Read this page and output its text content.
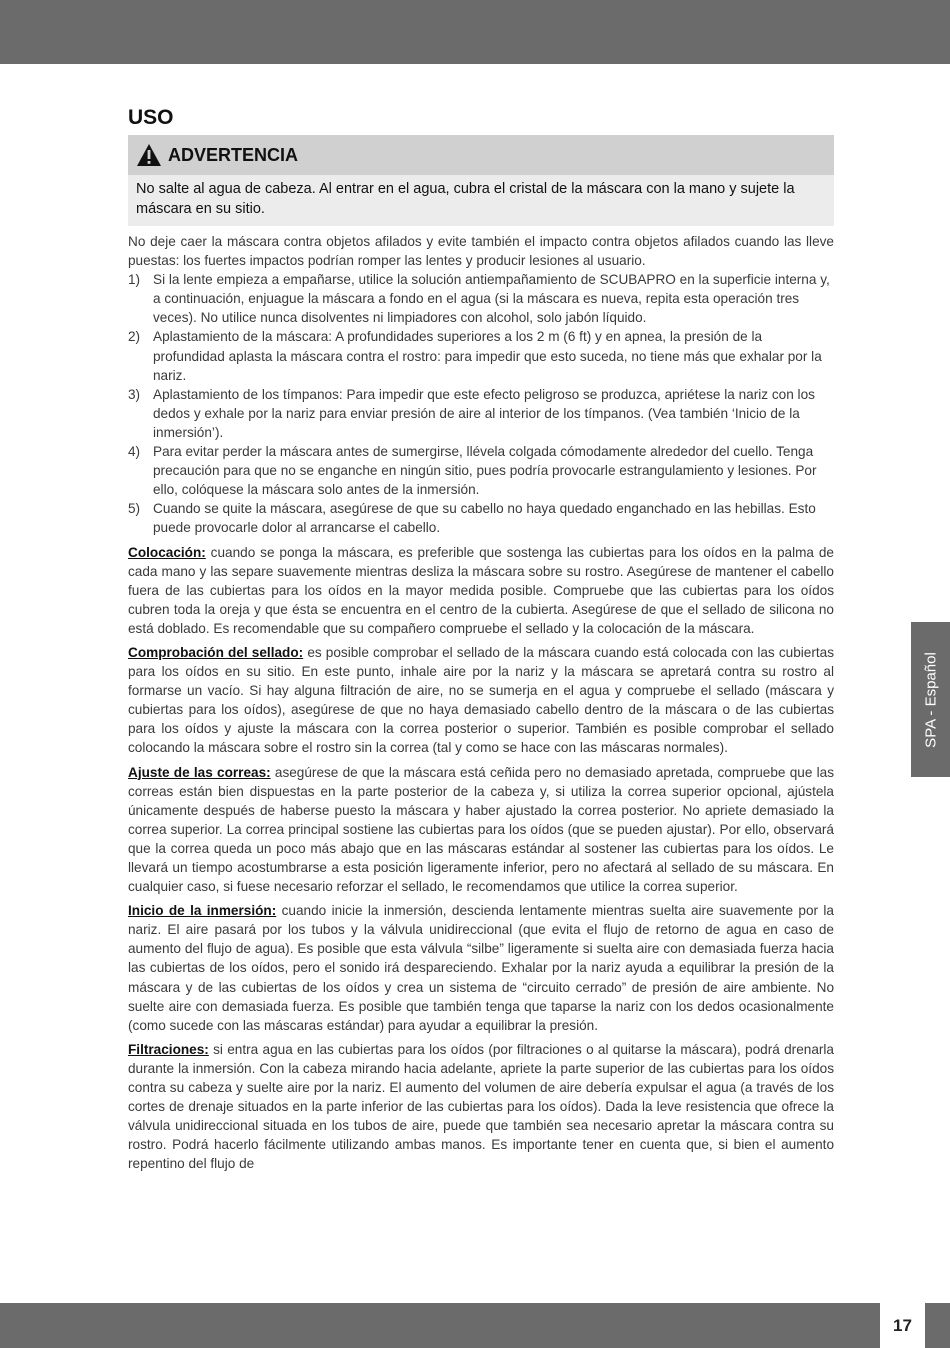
USO
ADVERTENCIA
No salte al agua de cabeza. Al entrar en el agua, cubra el cristal de la máscara con la mano y sujete la máscara en su sitio.

No deje caer la máscara contra objetos afilados y evite también el impacto contra objetos afilados cuando las lleve puestas: los fuertes impactos podrían romper las lentes y producir lesiones al usuario.

1) Si la lente empieza a empañarse, utilice la solución antiempañamiento de SCUBAPRO en la superficie interna y, a continuación, enjuague la máscara a fondo en el agua (si la máscara es nueva, repita esta operación tres veces). No utilice nunca disolventes ni limpiadores con alcohol, solo jabón líquido.
2) Aplastamiento de la máscara: A profundidades superiores a los 2 m (6 ft) y en apnea, la presión de la profundidad aplasta la máscara contra el rostro: para impedir que esto suceda, no tiene más que exhalar por la nariz.
3) Aplastamiento de los tímpanos: Para impedir que este efecto peligroso se produzca, apriétese la nariz con los dedos y exhale por la nariz para enviar presión de aire al interior de los tímpanos. (Vea también ‘Inicio de la inmersión’).
4) Para evitar perder la máscara antes de sumergirse, llévela colgada cómodamente alrededor del cuello. Tenga precaución para que no se enganche en ningún sitio, pues podría provocarle estrangulamiento y lesiones. Por ello, colóquese la máscara solo antes de la inmersión.
5) Cuando se quite la máscara, asegúrese de que su cabello no haya quedado enganchado en las hebillas. Esto puede provocarle dolor al arrancarse el cabello.

Colocación: cuando se ponga la máscara, es preferible que sostenga las cubiertas para los oídos en la palma de cada mano y las separe suavemente mientras desliza la máscara sobre su rostro. Asegúrese de mantener el cabello fuera de las cubiertas para los oídos en la mayor medida posible. Compruebe que las cubiertas para los oídos cubren toda la oreja y que ésta se encuentra en el centro de la cubierta. Asegúrese de que el sellado de silicona no está doblado. Es recomendable que su compañero compruebe el sellado y la colocación de la máscara.

Comprobación del sellado: es posible comprobar el sellado de la máscara cuando está colocada con las cubiertas para los oídos en su sitio. En este punto, inhale aire por la nariz y la máscara se apretará contra su rostro al formarse un vacío. Si hay alguna filtración de aire, no se sumerja en el agua y compruebe el sellado (máscara y cubiertas para los oídos), asegúrese de que no haya demasiado cabello dentro de la máscara o de las cubiertas para los oídos y ajuste la máscara con la correa posterior o superior. También es posible comprobar el sellado colocando la máscara sobre el rostro sin la correa (tal y como se hace con las máscaras normales).

Ajuste de las correas: asegúrese de que la máscara está ceñida pero no demasiado apretada, compruebe que las correas están bien dispuestas en la parte posterior de la cabeza y, si utiliza la correa superior opcional, ajústela únicamente después de haberse puesto la máscara y haber ajustado la correa posterior. No apriete demasiado la correa superior. La correa principal sostiene las cubiertas para los oídos (que se pueden ajustar). Por ello, observará que la correa queda un poco más abajo que en las máscaras estándar al sostener las cubiertas para los oídos. Le llevará un tiempo acostumbrarse a esta posición ligeramente inferior, pero no afectará al sellado de su máscara. En cualquier caso, si fuese necesario reforzar el sellado, le recomendamos que utilice la correa superior.

Inicio de la inmersión: cuando inicie la inmersión, descienda lentamente mientras suelta aire suavemente por la nariz. El aire pasará por los tubos y la válvula unidireccional (que evita el flujo de retorno de agua en caso de aumento del flujo de agua). Es posible que esta válvula “silbe” ligeramente si suelta aire con demasiada fuerza hacia las cubiertas de los oídos, pero el sonido irá despareciendo. Exhalar por la nariz ayuda a equilibrar la presión de la máscara y de las cubiertas de los oídos y crea un sistema de “circuito cerrado” de presión de aire ambiente. No suelte aire con demasiada fuerza. Es posible que también tenga que taparse la nariz con los dedos ocasionalmente (como sucede con las máscaras estándar) para ayudar a equilibrar la presión.

Filtraciones: si entra agua en las cubiertas para los oídos (por filtraciones o al quitarse la máscara), podrá drenarla durante la inmersión. Con la cabeza mirando hacia adelante, apriete la parte superior de las cubiertas para los oídos contra su cabeza y suelte aire por la nariz. El aumento del volumen de aire debería expulsar el agua (a través de los cortes de drenaje situados en la parte inferior de las cubiertas para los oídos). Dada la leve resistencia que ofrece la válvula unidireccional situada en los tubos de aire, puede que también sea necesario apretar la máscara contra su rostro. Podrá hacerlo fácilmente utilizando ambas manos. Es importante tener en cuenta que, si bien el aumento repentino del flujo de

SPA - Español
17
